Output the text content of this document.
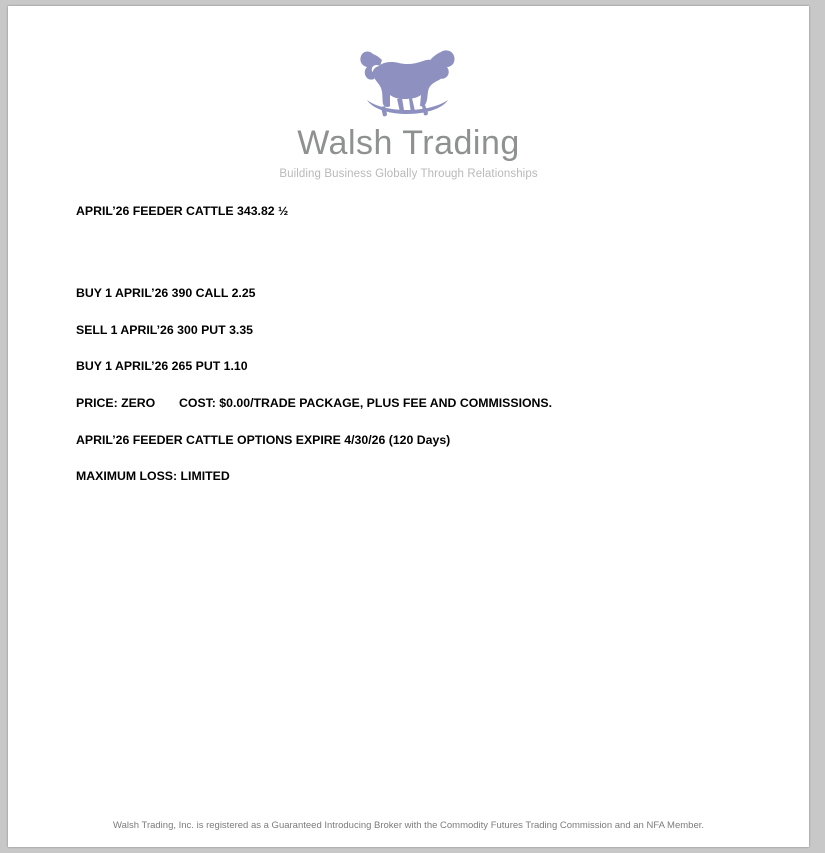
Walsh Trading
Building Business Globally Through Relationships
APRIL’26 FEEDER CATTLE 343.82 ½
BUY 1 APRIL’26 390 CALL 2.25
SELL 1 APRIL’26 300 PUT 3.35
BUY 1 APRIL’26 265 PUT 1.10
PRICE: ZERO	COST: $0.00/TRADE PACKAGE, PLUS FEE AND COMMISSIONS.
APRIL’26 FEEDER CATTLE OPTIONS EXPIRE 4/30/26 (120 Days)
MAXIMUM LOSS: LIMITED
Walsh Trading, Inc. is registered as a Guaranteed Introducing Broker with the Commodity Futures Trading Commission and an NFA Member.
